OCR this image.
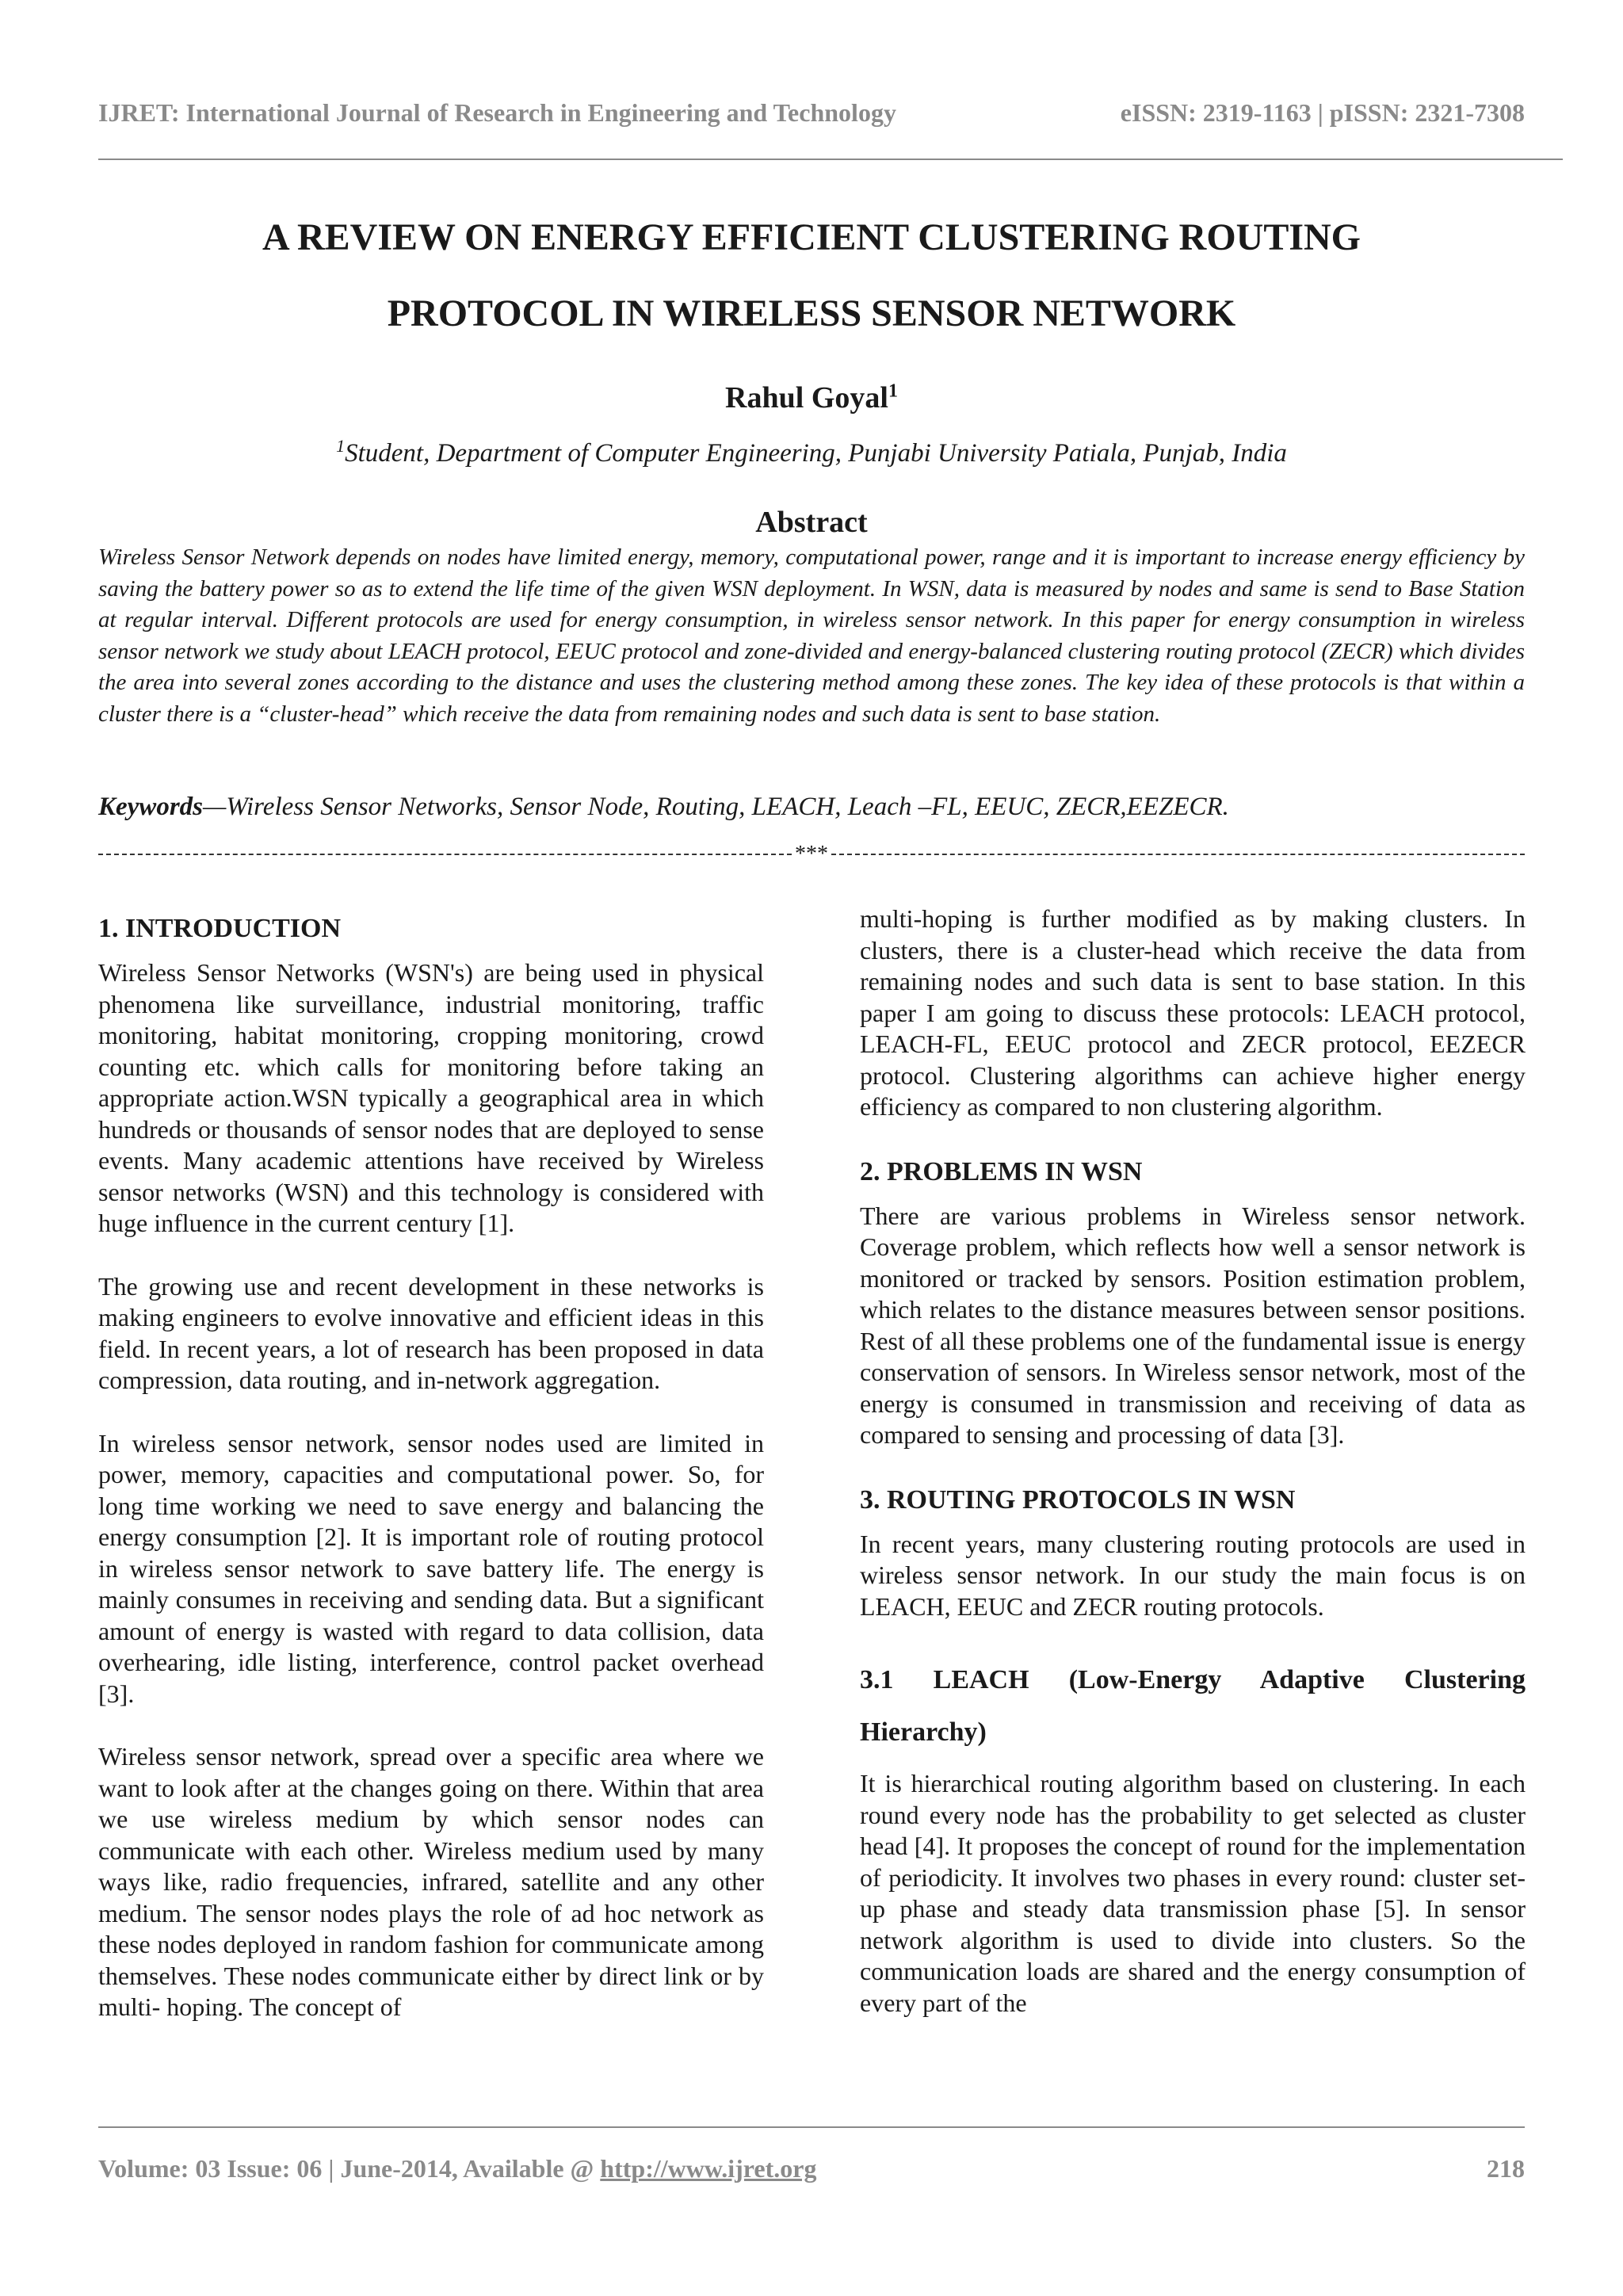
IJRET: International Journal of Research in Engineering and Technology	eISSN: 2319-1163 | pISSN: 2321-7308
A REVIEW ON ENERGY EFFICIENT CLUSTERING ROUTING
PROTOCOL IN WIRELESS SENSOR NETWORK
Rahul Goyal$^1$
$^1$Student, Department of Computer Engineering, Punjabi University Patiala, Punjab, India
Abstract
Wireless Sensor Network depends on nodes have limited energy, memory, computational power, range and it is important to increase energy efficiency by saving the battery power so as to extend the life time of the given WSN deployment. In WSN, data is measured by nodes and same is send to Base Station at regular interval. Different protocols are used for energy consumption, in wireless sensor network. In this paper for energy consumption in wireless sensor network we study about LEACH protocol, EEUC protocol and zone-divided and energy-balanced clustering routing protocol (ZECR) which divides the area into several zones according to the distance and uses the clustering method among these zones. The key idea of these protocols is that within a cluster there is a “cluster-head” which receive the data from remaining nodes and such data is sent to base station.
Keywords—Wireless Sensor Networks, Sensor Node, Routing, LEACH, Leach –FL, EEUC, ZECR,EEZECR.
***
1. INTRODUCTION

Wireless Sensor Networks (WSN's) are being used in physical phenomena like surveillance, industrial monitoring, traffic monitoring, habitat monitoring, cropping monitoring, crowd counting etc. which calls for monitoring before taking an appropriate action.WSN typically a geographical area in which hundreds or thousands of sensor nodes that are deployed to sense events. Many academic attentions have received by Wireless sensor networks (WSN) and this technology is considered with huge influence in the current century [1].

The growing use and recent development in these networks is making engineers to evolve innovative and efficient ideas in this field. In recent years, a lot of research has been proposed in data compression, data routing, and in-network aggregation.

In wireless sensor network, sensor nodes used are limited in power, memory, capacities and computational power. So, for long time working we need to save energy and balancing the energy consumption [2]. It is important role of routing protocol in wireless sensor network to save battery life. The energy is mainly consumes in receiving and sending data. But a significant amount of energy is wasted with regard to data collision, data overhearing, idle listing, interference, control packet overhead [3].

Wireless sensor network, spread over a specific area where we want to look after at the changes going on there. Within that area we use wireless medium by which sensor nodes can communicate with each other. Wireless medium used by many ways like, radio frequencies, infrared, satellite and any other medium. The sensor nodes plays the role of ad hoc network as these nodes deployed in random fashion for communicate among themselves. These nodes communicate either by direct link or by multi- hoping. The concept of

multi-hoping is further modified as by making clusters. In clusters, there is a cluster-head which receive the data from remaining nodes and such data is sent to base station. In this paper I am going to discuss these protocols: LEACH protocol, LEACH-FL, EEUC protocol and ZECR protocol, EEZECR protocol. Clustering algorithms can achieve higher energy efficiency as compared to non clustering algorithm.

2. PROBLEMS IN WSN

There are various problems in Wireless sensor network. Coverage problem, which reflects how well a sensor network is monitored or tracked by sensors. Position estimation problem, which relates to the distance measures between sensor positions. Rest of all these problems one of the fundamental issue is energy conservation of sensors. In Wireless sensor network, most of the energy is consumed in transmission and receiving of data as compared to sensing and processing of data [3].

3. ROUTING PROTOCOLS IN WSN

In recent years, many clustering routing protocols are used in wireless sensor network. In our study the main focus is on LEACH, EEUC and ZECR routing protocols.

3.1 LEACH (Low-Energy Adaptive Clustering Hierarchy)

It is hierarchical routing algorithm based on clustering. In each round every node has the probability to get selected as cluster head [4]. It proposes the concept of round for the implementation of periodicity. It involves two phases in every round: cluster set-up phase and steady data transmission phase [5]. In sensor network algorithm is used to divide into clusters. So the communication loads are shared and the energy consumption of every part of the

Volume: 03 Issue: 06 | June-2014, Available @ http://www.ijret.org	218
